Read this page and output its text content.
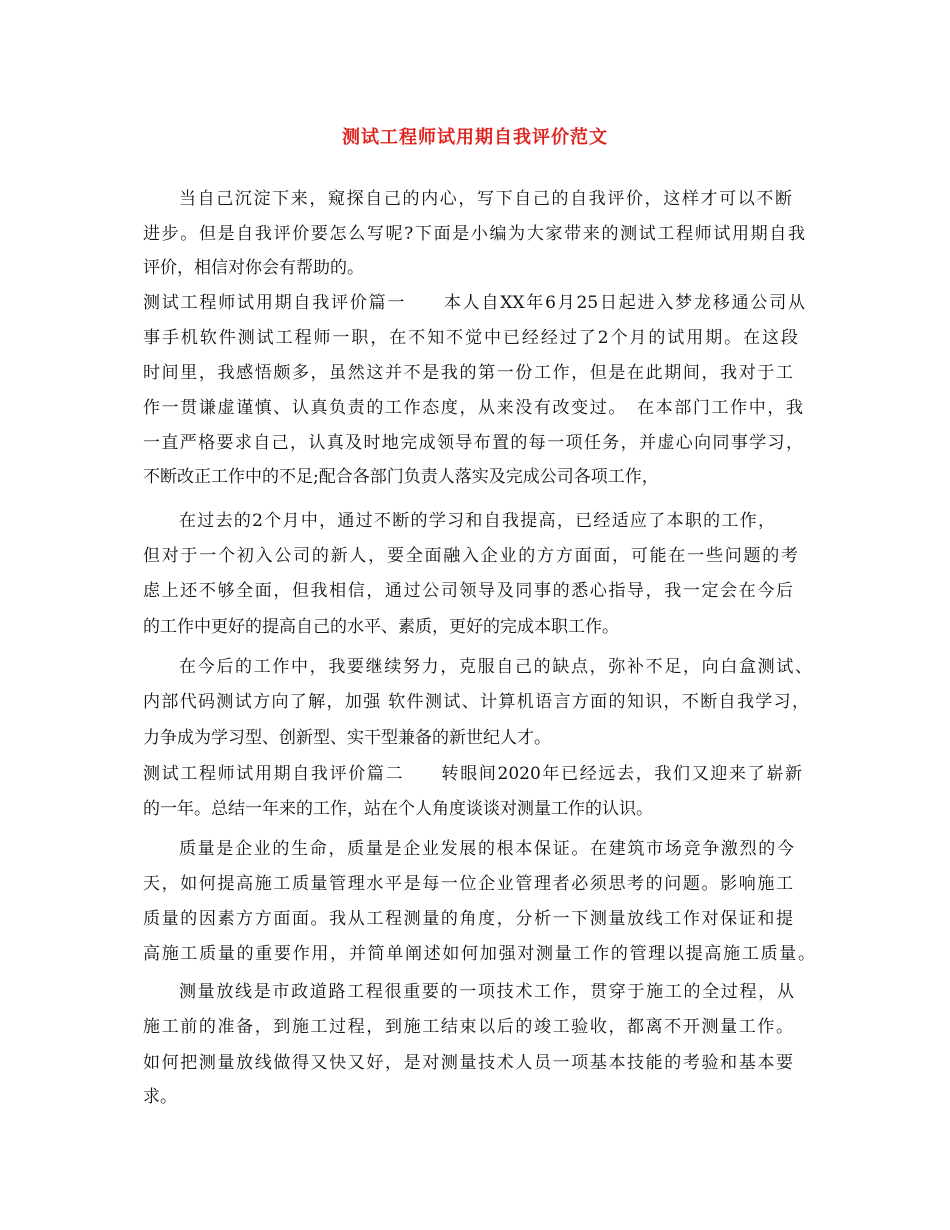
测试工程师试用期自我评价范文
当自己沉淀下来，窥探自己的内心，写下自己的自我评价，这样才可以不断
进步。但是自我评价要怎么写呢?下面是小编为大家带来的测试工程师试用期自我
评价，相信对你会有帮助的。
测试工程师试用期自我评价篇一　　本人自XX年6月25日起进入梦龙移通公司从
事手机软件测试工程师一职，在不知不觉中已经经过了2个月的试用期。在这段
时间里，我感悟颇多，虽然这并不是我的第一份工作，但是在此期间，我对于工
作一贯谦虚谨慎、认真负责的工作态度，从来没有改变过。　在本部门工作中，我
一直严格要求自己，认真及时地完成领导布置的每一项任务，并虚心向同事学习，
不断改正工作中的不足;配合各部门负责人落实及完成公司各项工作，
在过去的2个月中，通过不断的学习和自我提高，已经适应了本职的工作，
但对于一个初入公司的新人，要全面融入企业的方方面面，可能在一些问题的考
虑上还不够全面，但我相信，通过公司领导及同事的悉心指导，我一定会在今后
的工作中更好的提高自己的水平、素质，更好的完成本职工作。
在今后的工作中，我要继续努力，克服自己的缺点，弥补不足，向白盒测试、
内部代码测试方向了解，加强 软件测试、计算机语言方面的知识，不断自我学习，
力争成为学习型、创新型、实干型兼备的新世纪人才。
测试工程师试用期自我评价篇二　　转眼间2020年已经远去，我们又迎来了崭新
的一年。总结一年来的工作，站在个人角度谈谈对测量工作的认识。
质量是企业的生命，质量是企业发展的根本保证。在建筑市场竞争激烈的今
天，如何提高施工质量管理水平是每一位企业管理者必须思考的问题。影响施工
质量的因素方方面面。我从工程测量的角度，分析一下测量放线工作对保证和提
高施工质量的重要作用，并简单阐述如何加强对测量工作的管理以提高施工质量。
测量放线是市政道路工程很重要的一项技术工作，贯穿于施工的全过程，从
施工前的准备，到施工过程，到施工结束以后的竣工验收，都离不开测量工作。
如何把测量放线做得又快又好，是对测量技术人员一项基本技能的考验和基本要
求。
